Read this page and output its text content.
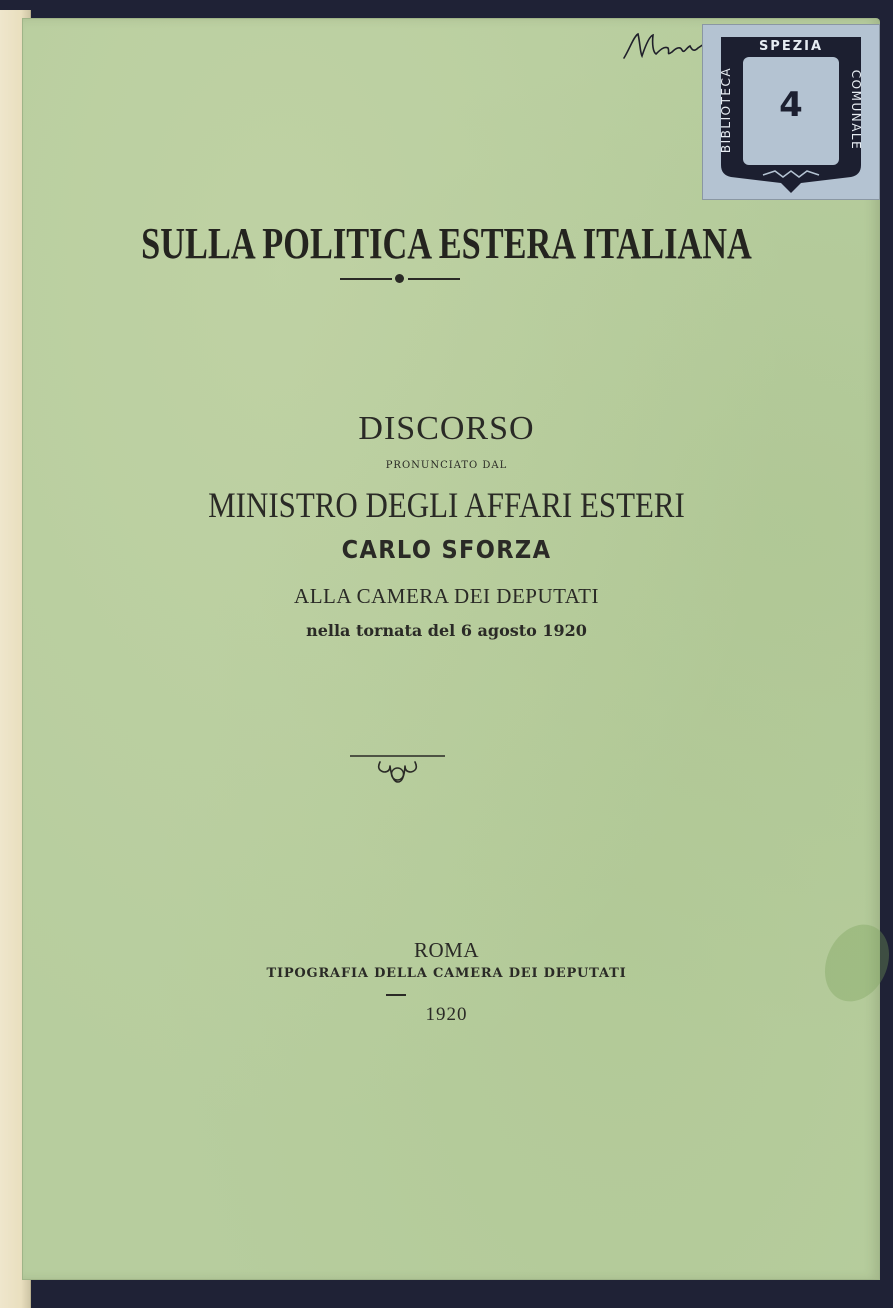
SPEZIA
BIBLIOTECA	COMUNALE
4
SULLA POLITICA ESTERA ITALIANA
DISCORSO
PRONUNCIATO DAL
MINISTRO DEGLI AFFARI ESTERI
CARLO SFORZA
ALLA CAMERA DEI DEPUTATI
nella tornata del 6 agosto 1920
ROMA
TIPOGRAFIA DELLA CAMERA DEI DEPUTATI
1920
